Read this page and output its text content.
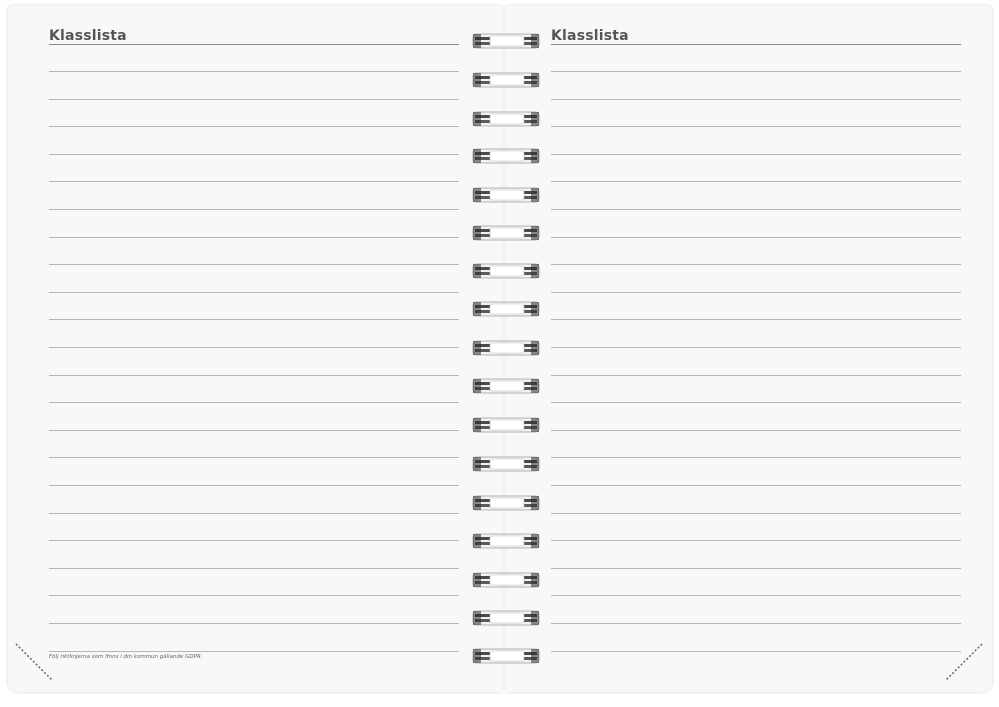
Klasslista
Följ riktlinjerna som finns i din kommun gällande GDPR.
Klasslista
